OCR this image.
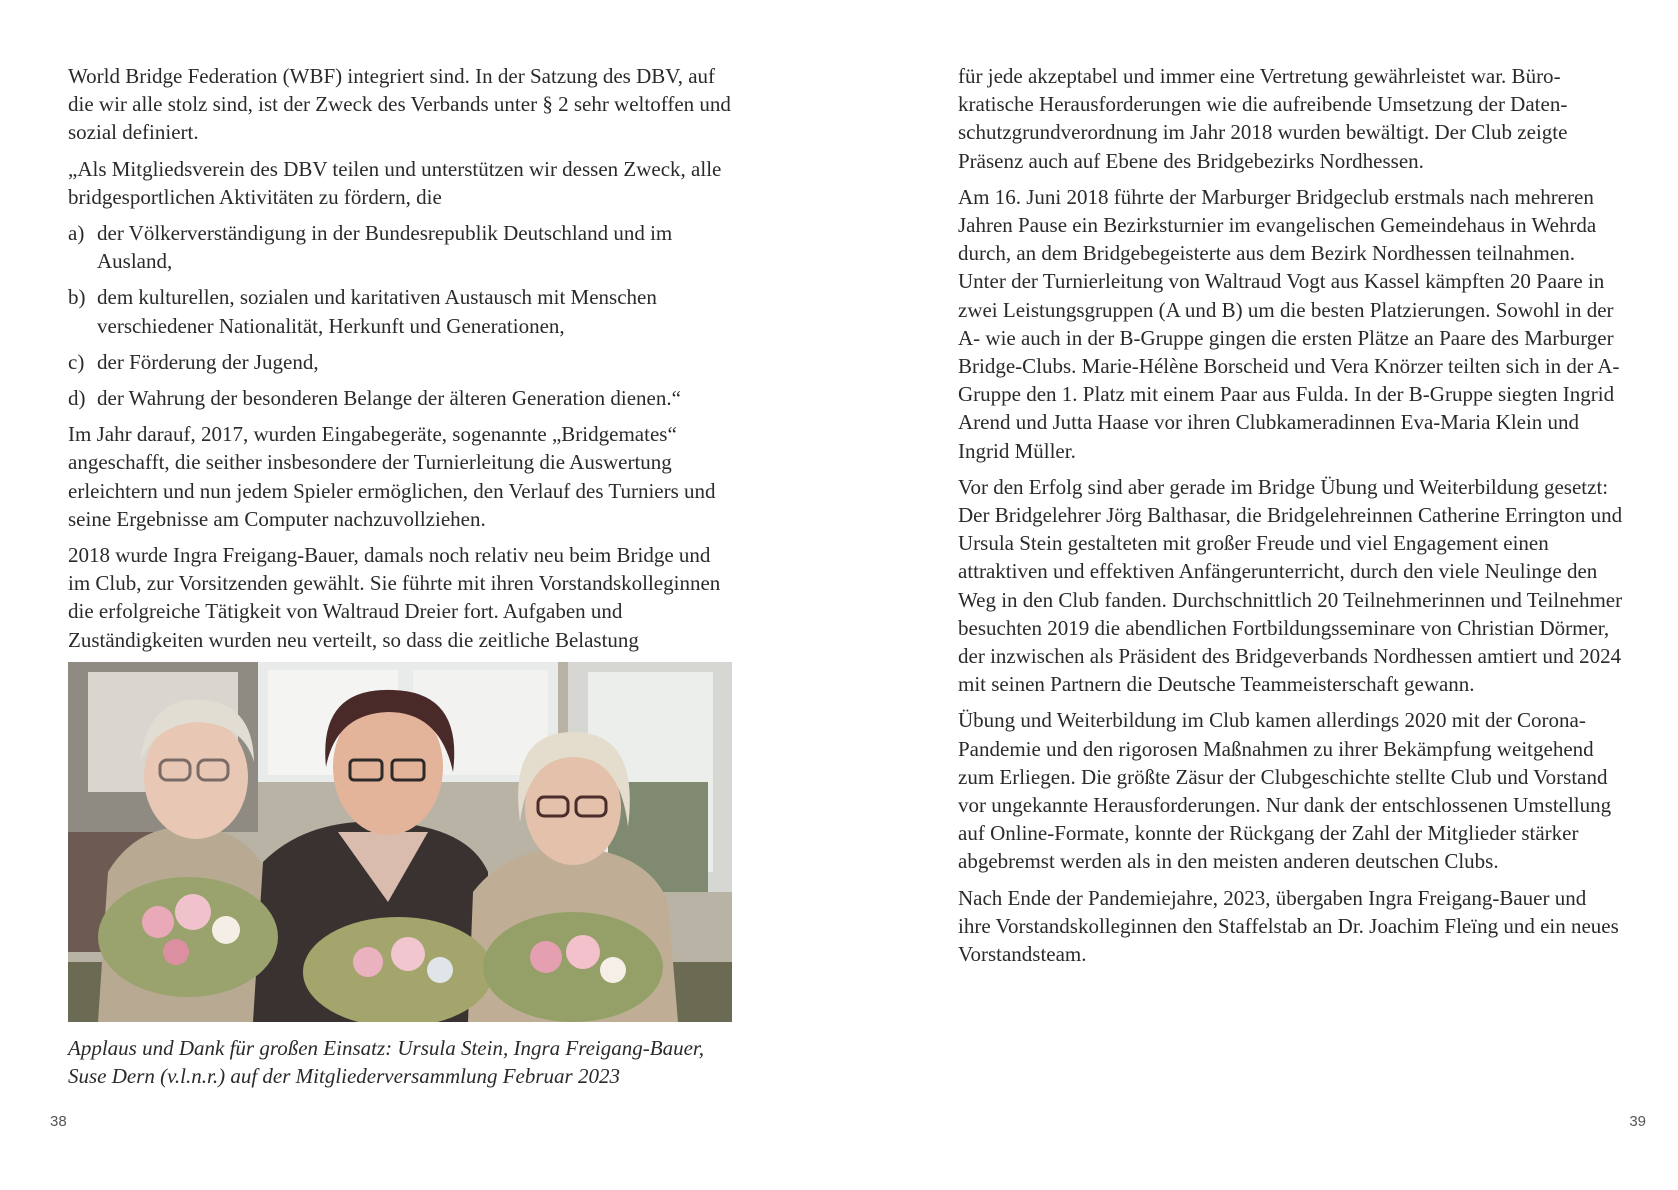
World Bridge Federation (WBF) integriert sind. In der Satzung des DBV, auf die wir alle stolz sind, ist der Zweck des Verbands unter § 2 sehr weltoffen und sozial definiert.

„Als Mitgliedsverein des DBV teilen und unterstützen wir dessen Zweck, alle bridgesportlichen Aktivitäten zu fördern, die

a) der Völkerverständigung in der Bundesrepublik Deutschland und im Ausland,
b) dem kulturellen, sozialen und karitativen Austausch mit Menschen verschiedener Nationalität, Herkunft und Generationen,
c) der Förderung der Jugend,
d) der Wahrung der besonderen Belange der älteren Generation dienen.“

Im Jahr darauf, 2017, wurden Eingabegeräte, sogenannte „Bridgemates“ angeschafft, die seither insbesondere der Turnierleitung die Auswertung erleichtern und nun jedem Spieler ermöglichen, den Verlauf des Turniers und seine Ergebnisse am Computer nachzuvollziehen.

2018 wurde Ingra Freigang-Bauer, damals noch relativ neu beim Bridge und im Club, zur Vorsitzenden gewählt. Sie führte mit ihren Vorstandskolleginnen die erfolgreiche Tätigkeit von Waltraud Dreier fort. Aufgaben und Zuständigkeiten wurden neu verteilt, so dass die zeitliche Belastung

Applaus und Dank für großen Einsatz: Ursula Stein, Ingra Freigang-Bauer, Suse Dern (v.l.n.r.) auf der Mitgliederversammlung Februar 2023
38

für jede akzeptabel und immer eine Vertretung gewährleistet war. Bürokratische Herausforderungen wie die aufreibende Umsetzung der Datenschutzgrundverordnung im Jahr 2018 wurden bewältigt. Der Club zeigte Präsenz auch auf Ebene des Bridgebezirks Nordhessen.

Am 16. Juni 2018 führte der Marburger Bridgeclub erstmals nach mehreren Jahren Pause ein Bezirksturnier im evangelischen Gemeindehaus in Wehrda durch, an dem Bridgebegeisterte aus dem Bezirk Nordhessen teilnahmen. Unter der Turnierleitung von Waltraud Vogt aus Kassel kämpften 20 Paare in zwei Leistungsgruppen (A und B) um die besten Platzierungen. Sowohl in der A- wie auch in der B-Gruppe gingen die ersten Plätze an Paare des Marburger Bridge-Clubs. Marie-Hélène Borscheid und Vera Knörzer teilten sich in der A-Gruppe den 1. Platz mit einem Paar aus Fulda. In der B-Gruppe siegten Ingrid Arend und Jutta Haase vor ihren Clubkameradinnen Eva-Maria Klein und Ingrid Müller.

Vor den Erfolg sind aber gerade im Bridge Übung und Weiterbildung gesetzt: Der Bridgelehrer Jörg Balthasar, die Bridgelehreinnen Catherine Errington und Ursula Stein gestalteten mit großer Freude und viel Engagement einen attraktiven und effektiven Anfängerunterricht, durch den viele Neulinge den Weg in den Club fanden. Durchschnittlich 20 Teilnehmerinnen und Teilnehmer besuchten 2019 die abendlichen Fortbildungsseminare von Christian Dörmer, der inzwischen als Präsident des Bridgeverbands Nordhessen amtiert und 2024 mit seinen Partnern die Deutsche Teammeisterschaft gewann.

Übung und Weiterbildung im Club kamen allerdings 2020 mit der Corona-Pandemie und den rigorosen Maßnahmen zu ihrer Bekämpfung weitgehend zum Erliegen. Die größte Zäsur der Clubgeschichte stellte Club und Vorstand vor ungekannte Herausforderungen. Nur dank der entschlossenen Umstellung auf Online-Formate, konnte der Rückgang der Zahl der Mitglieder stärker abgebremst werden als in den meisten anderen deutschen Clubs.

Nach Ende der Pandemiejahre, 2023, übergaben Ingra Freigang-Bauer und ihre Vorstandskolleginnen den Staffelstab an Dr. Joachim Fleïng und ein neues Vorstandsteam.

39
